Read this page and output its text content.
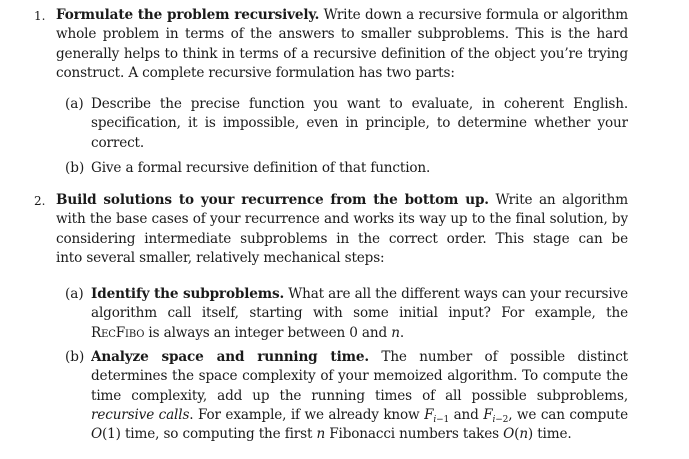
1. Formulate the problem recursively. Write down a recursive formula or algorithm
whole problem in terms of the answers to smaller subproblems. This is the hard
generally helps to think in terms of a recursive definition of the object you’re trying
construct. A complete recursive formulation has two parts:
(a) Describe the precise function you want to evaluate, in coherent English.
specification, it is impossible, even in principle, to determine whether your
correct.
(b) Give a formal recursive definition of that function.
2. Build solutions to your recurrence from the bottom up. Write an algorithm
with the base cases of your recurrence and works its way up to the final solution, by
considering intermediate subproblems in the correct order. This stage can be
into several smaller, relatively mechanical steps:
(a) Identify the subproblems. What are all the different ways can your recursive
algorithm call itself, starting with some initial input? For example, the
RecFibo is always an integer between 0 and n.
(b) Analyze space and running time. The number of possible distinct
determines the space complexity of your memoized algorithm. To compute the
time complexity, add up the running times of all possible subproblems,
recursive calls. For example, if we already know $F_{i-1}$ and $F_{i-2}$, we can compute
O(1) time, so computing the first n Fibonacci numbers takes O(n) time.
